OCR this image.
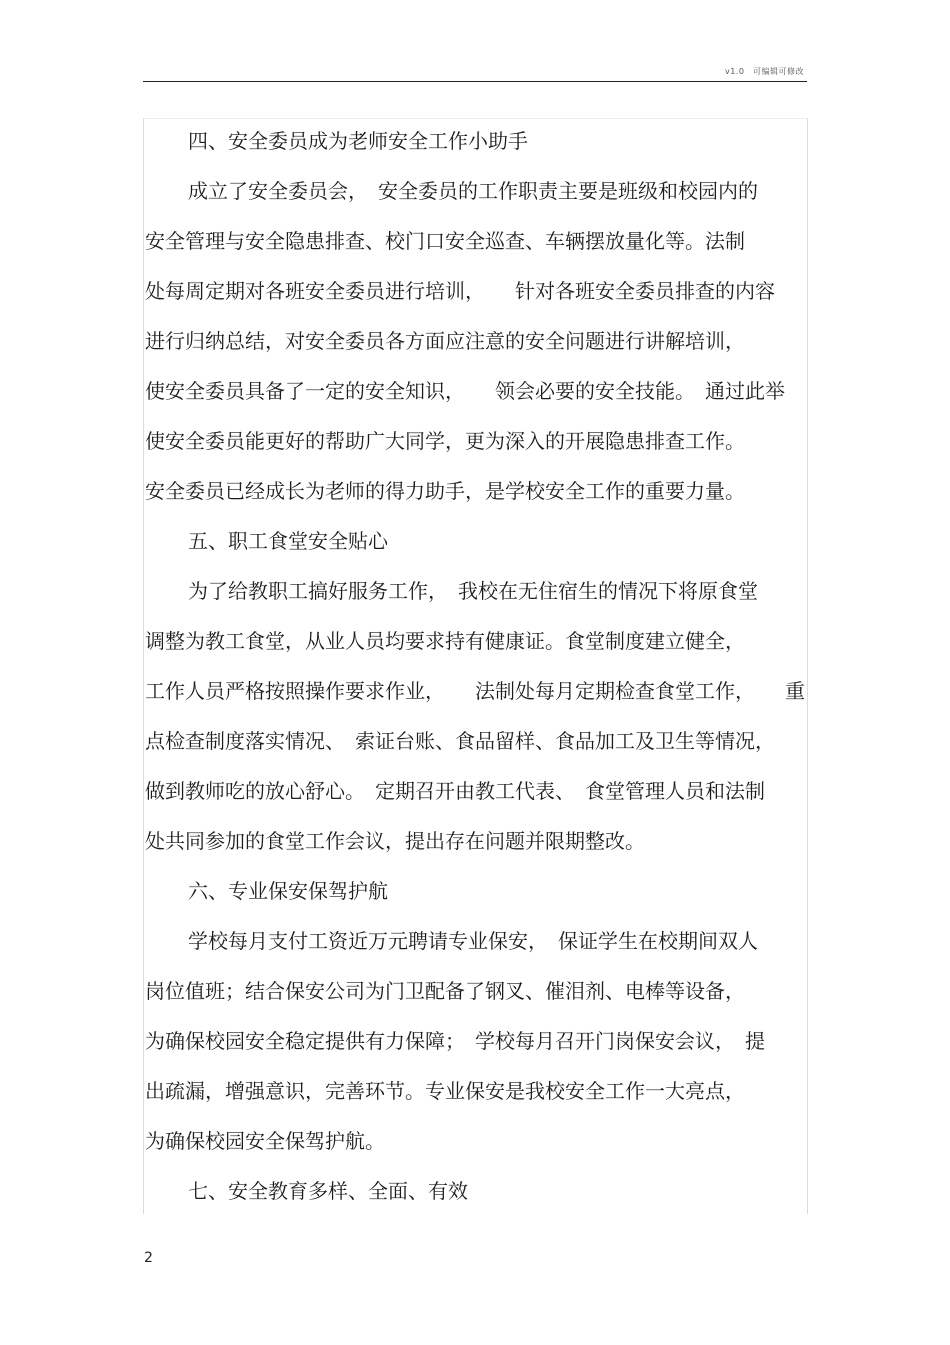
v1.0　可编辑可修改
四、安全委员成为老师安全工作小助手
成立了安全委员会，　安全委员的工作职责主要是班级和校园内的
安全管理与安全隐患排查、校门口安全巡查、车辆摆放量化等。法制
处每周定期对各班安全委员进行培训，　　针对各班安全委员排查的内容
进行归纳总结，对安全委员各方面应注意的安全问题进行讲解培训，
使安全委员具备了一定的安全知识，　　领会必要的安全技能。　通过此举
使安全委员能更好的帮助广大同学，更为深入的开展隐患排查工作。
安全委员已经成长为老师的得力助手，是学校安全工作的重要力量。
五、职工食堂安全贴心
为了给教职工搞好服务工作，　我校在无住宿生的情况下将原食堂
调整为教工食堂，从业人员均要求持有健康证。食堂制度建立健全，
工作人员严格按照操作要求作业，　　法制处每月定期检查食堂工作，　　重
点检查制度落实情况、　索证台账、食品留样、食品加工及卫生等情况，
做到教师吃的放心舒心。　定期召开由教工代表、　食堂管理人员和法制
处共同参加的食堂工作会议，提出存在问题并限期整改。
六、专业保安保驾护航
学校每月支付工资近万元聘请专业保安，　保证学生在校期间双人
岗位值班；结合保安公司为门卫配备了钢叉、催泪剂、电棒等设备，
为确保校园安全稳定提供有力保障；　学校每月召开门岗保安会议，　提
出疏漏，增强意识，完善环节。专业保安是我校安全工作一大亮点，
为确保校园安全保驾护航。
七、安全教育多样、全面、有效
2
